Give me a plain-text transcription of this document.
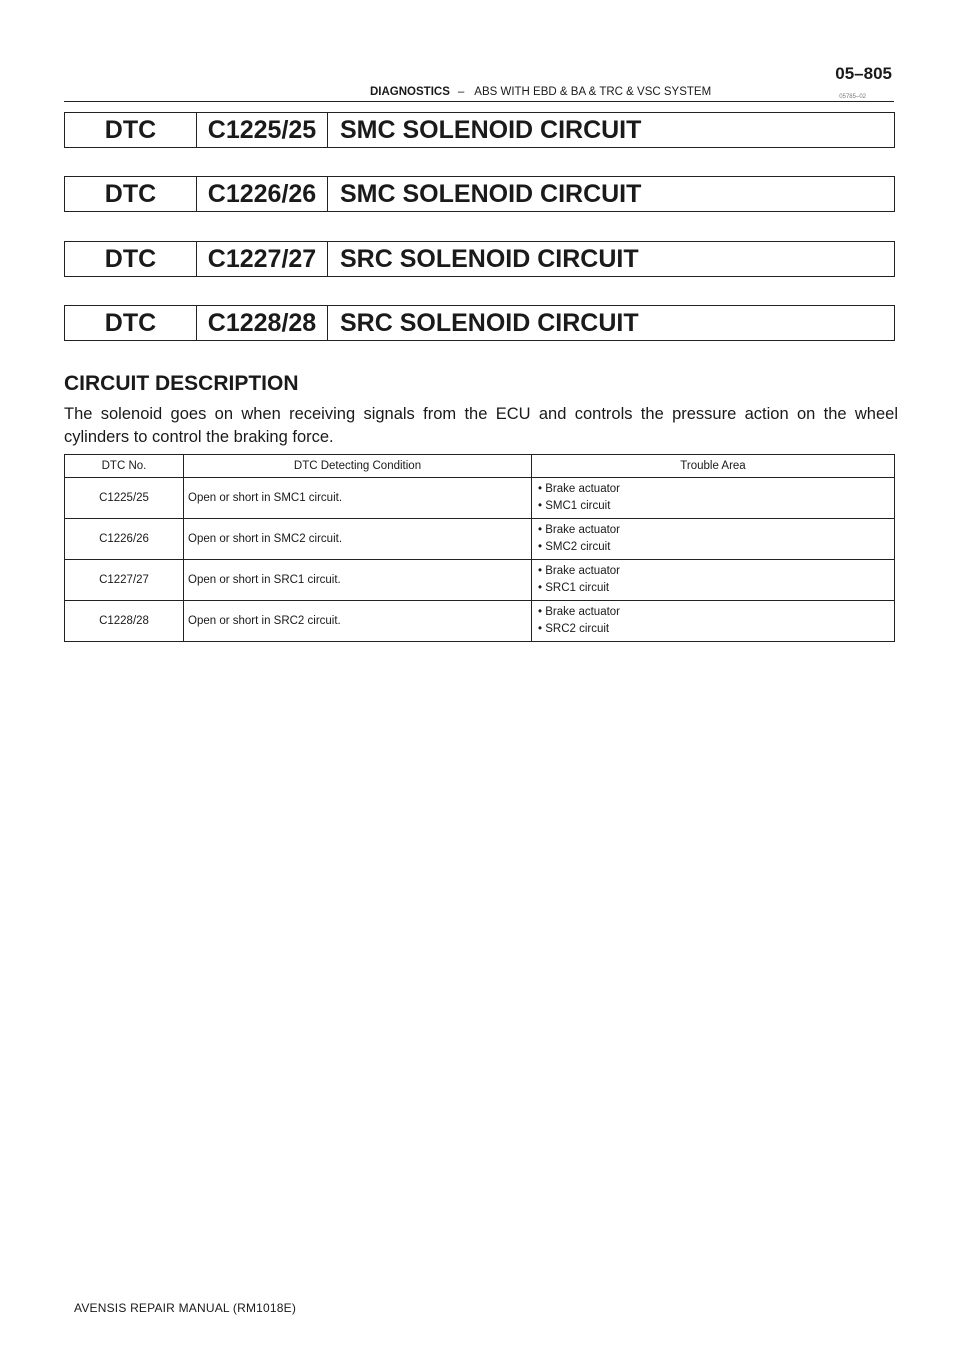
05–805
DIAGNOSTICS – ABS WITH EBD & BA & TRC & VSC SYSTEM	05785–02
DTC	C1225/25 SMC SOLENOID CIRCUIT
DTC	C1226/26 SMC SOLENOID CIRCUIT
DTC	C1227/27 SRC SOLENOID CIRCUIT
DTC	C1228/28 SRC SOLENOID CIRCUIT
CIRCUIT DESCRIPTION
The solenoid goes on when receiving signals from the ECU and controls the pressure action on the wheel cylinders to control the braking force.
DTC No.	DTC Detecting Condition	Trouble Area
C1225/25	Open or short in SMC1 circuit.	• Brake actuator
• SMC1 circuit

C1226/26	Open or short in SMC2 circuit.	• Brake actuator
• SMC2 circuit

C1227/27	Open or short in SRC1 circuit.	• Brake actuator
• SRC1 circuit

C1228/28	Open or short in SRC2 circuit.	• Brake actuator
• SRC2 circuit
AVENSIS REPAIR MANUAL (RM1018E)
